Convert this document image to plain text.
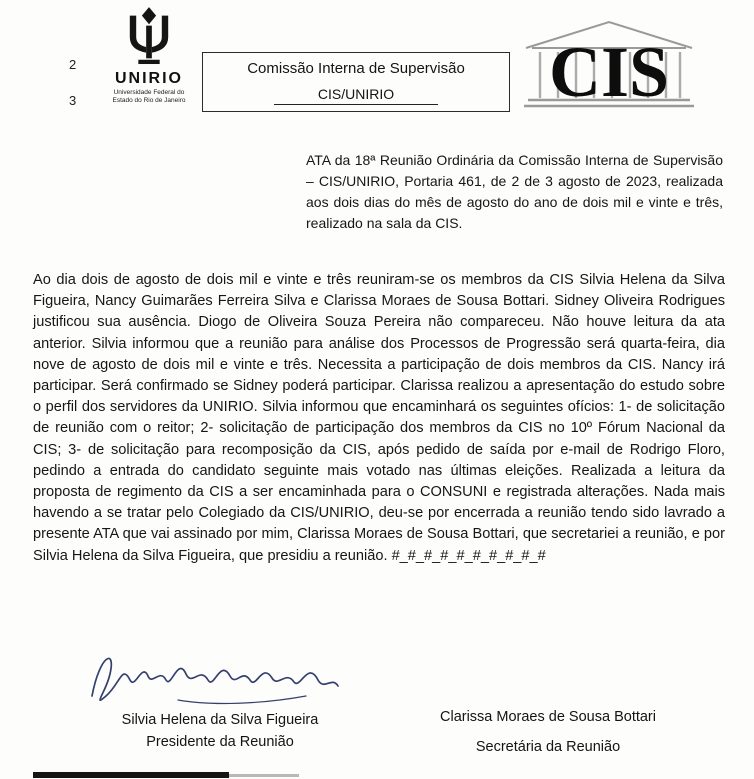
2
3
UNIRIO
Universidade Federal do
Estado do Rio de Janeiro
Comissão Interna de Supervisão
CIS/UNIRIO	CIS
ATA da 18ª Reunião Ordinária da Comissão Interna de Supervisão – CIS/UNIRIO, Portaria 461, de 2 de 3 agosto de 2023, realizada aos dois dias do mês de agosto do ano de dois mil e vinte e três, realizado na sala da CIS.
Ao dia dois de agosto de dois mil e vinte e três reuniram-se os membros da CIS Silvia Helena da Silva Figueira, Nancy Guimarães Ferreira Silva e Clarissa Moraes de Sousa Bottari. Sidney Oliveira Rodrigues justificou sua ausência. Diogo de Oliveira Souza Pereira não compareceu. Não houve leitura da ata anterior. Silvia informou que a reunião para análise dos Processos de Progressão será quarta-feira, dia nove de agosto de dois mil e vinte e três. Necessita a participação de dois membros da CIS. Nancy irá participar. Será confirmado se Sidney poderá participar. Clarissa realizou a apresentação do estudo sobre o perfil dos servidores da UNIRIO. Silvia informou que encaminhará os seguintes ofícios: 1- de solicitação de reunião com o reitor; 2- solicitação de participação dos membros da CIS no 10º Fórum Nacional da CIS; 3- de solicitação para recomposição da CIS, após pedido de saída por e-mail de Rodrigo Floro, pedindo a entrada do candidato seguinte mais votado nas últimas eleições. Realizada a leitura da proposta de regimento da CIS a ser encaminhada para o CONSUNI e registrada alterações. Nada mais havendo a se tratar pelo Colegiado da CIS/UNIRIO, deu-se por encerrada a reunião tendo sido lavrado a presente ATA que vai assinado por mim, Clarissa Moraes de Sousa Bottari, que secretariei a reunião, e por Silvia Helena da Silva Figueira, que presidiu a reunião. #_#_#_#_#_#_#_#_#_#
Silvia Helena da Silva Figueira
Presidente da Reunião
Clarissa Moraes de Sousa Bottari
Secretária da Reunião
